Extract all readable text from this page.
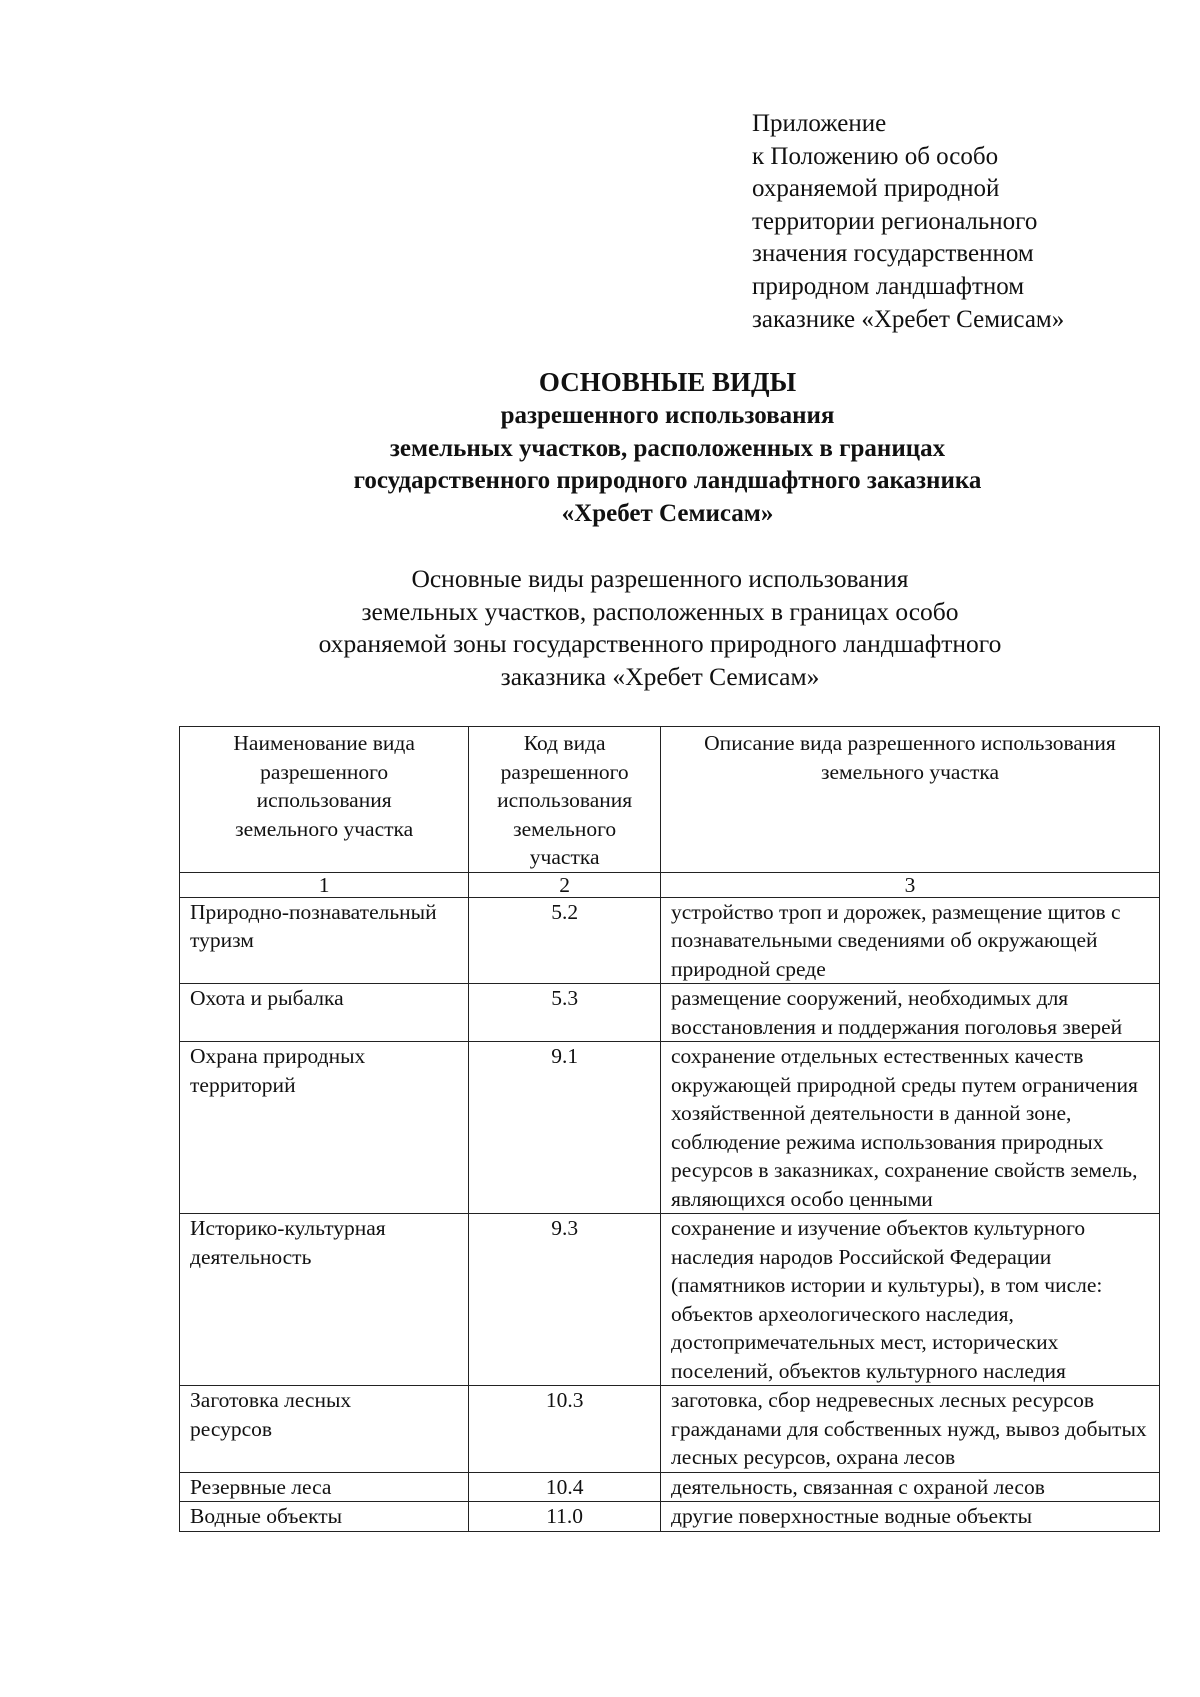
Приложение
к Положению об особо
охраняемой природной
территории регионального
значения государственном
природном ландшафтном
заказнике «Хребет Семисам»
ОСНОВНЫЕ ВИДЫ
разрешенного использования
земельных участков, расположенных в границах
государственного природного ландшафтного заказника
«Хребет Семисам»
Основные виды разрешенного использования
земельных участков, расположенных в границах особо
охраняемой зоны государственного природного ландшафтного
заказника «Хребет Семисам»
Наименование вида разрешенного использования земельного участка	Код вида разрешенного использования земельного участка	Описание вида разрешенного использования земельного участка

1	2	3

Природно-познавательный туризм	5.2	устройство троп и дорожек, размещение щитов с познавательными сведениями об окружающей природной среде
Охота и рыбалка	5.3	размещение сооружений, необходимых для восстановления и поддержания поголовья зверей

Охрана природных территорий	9.1	сохранение отдельных естественных качеств окружающей природной среды путем ограничения хозяйственной деятельности в данной зоне, соблюдение режима использования природных ресурсов в заказниках, сохранение свойств земель, являющихся особо ценными

Историко-культурная деятельность	9.3	сохранение и изучение объектов культурного наследия народов Российской Федерации (памятников истории и культуры), в том числе: объектов археологического наследия, достопримечательных мест, исторических поселений, объектов культурного наследия

Заготовка лесных ресурсов	10.3	заготовка, сбор недревесных лесных ресурсов гражданами для собственных нужд, вывоз добытых лесных ресурсов, охрана лесов
Резервные леса	10.4	деятельность, связанная с охраной лесов
Водные объекты	11.0	другие поверхностные водные объекты
